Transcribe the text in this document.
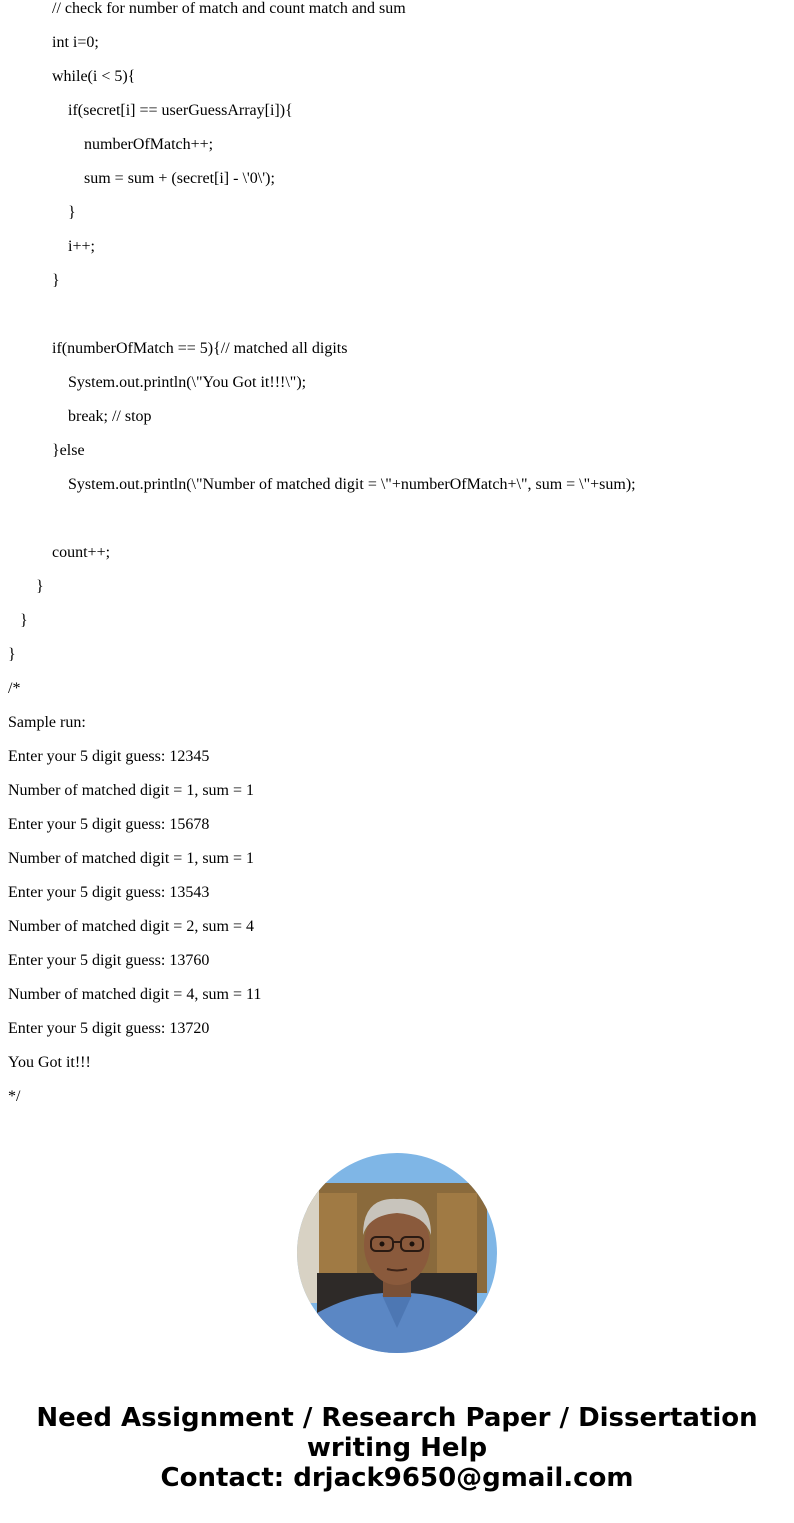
// check for number of match and count match and sum
int i=0;
while(i < 5){
if(secret[i] == userGuessArray[i]){
numberOfMatch++;
sum = sum + (secret[i] - \'0\');
}
i++;
}
if(numberOfMatch == 5){// matched all digits
System.out.println(\"You Got it!!!\");
break; // stop
}else
System.out.println(\"Number of matched digit = \"+numberOfMatch+\", sum = \"+sum);
count++;
}
}
}
/*
Sample run:
Enter your 5 digit guess: 12345
Number of matched digit = 1, sum = 1
Enter your 5 digit guess: 15678
Number of matched digit = 1, sum = 1
Enter your 5 digit guess: 13543
Number of matched digit = 2, sum = 4
Enter your 5 digit guess: 13760
Number of matched digit = 4, sum = 11
Enter your 5 digit guess: 13720
You Got it!!!
*/
Need Assignment / Research Paper / Dissertation
writing Help
Contact: drjack9650@gmail.com
